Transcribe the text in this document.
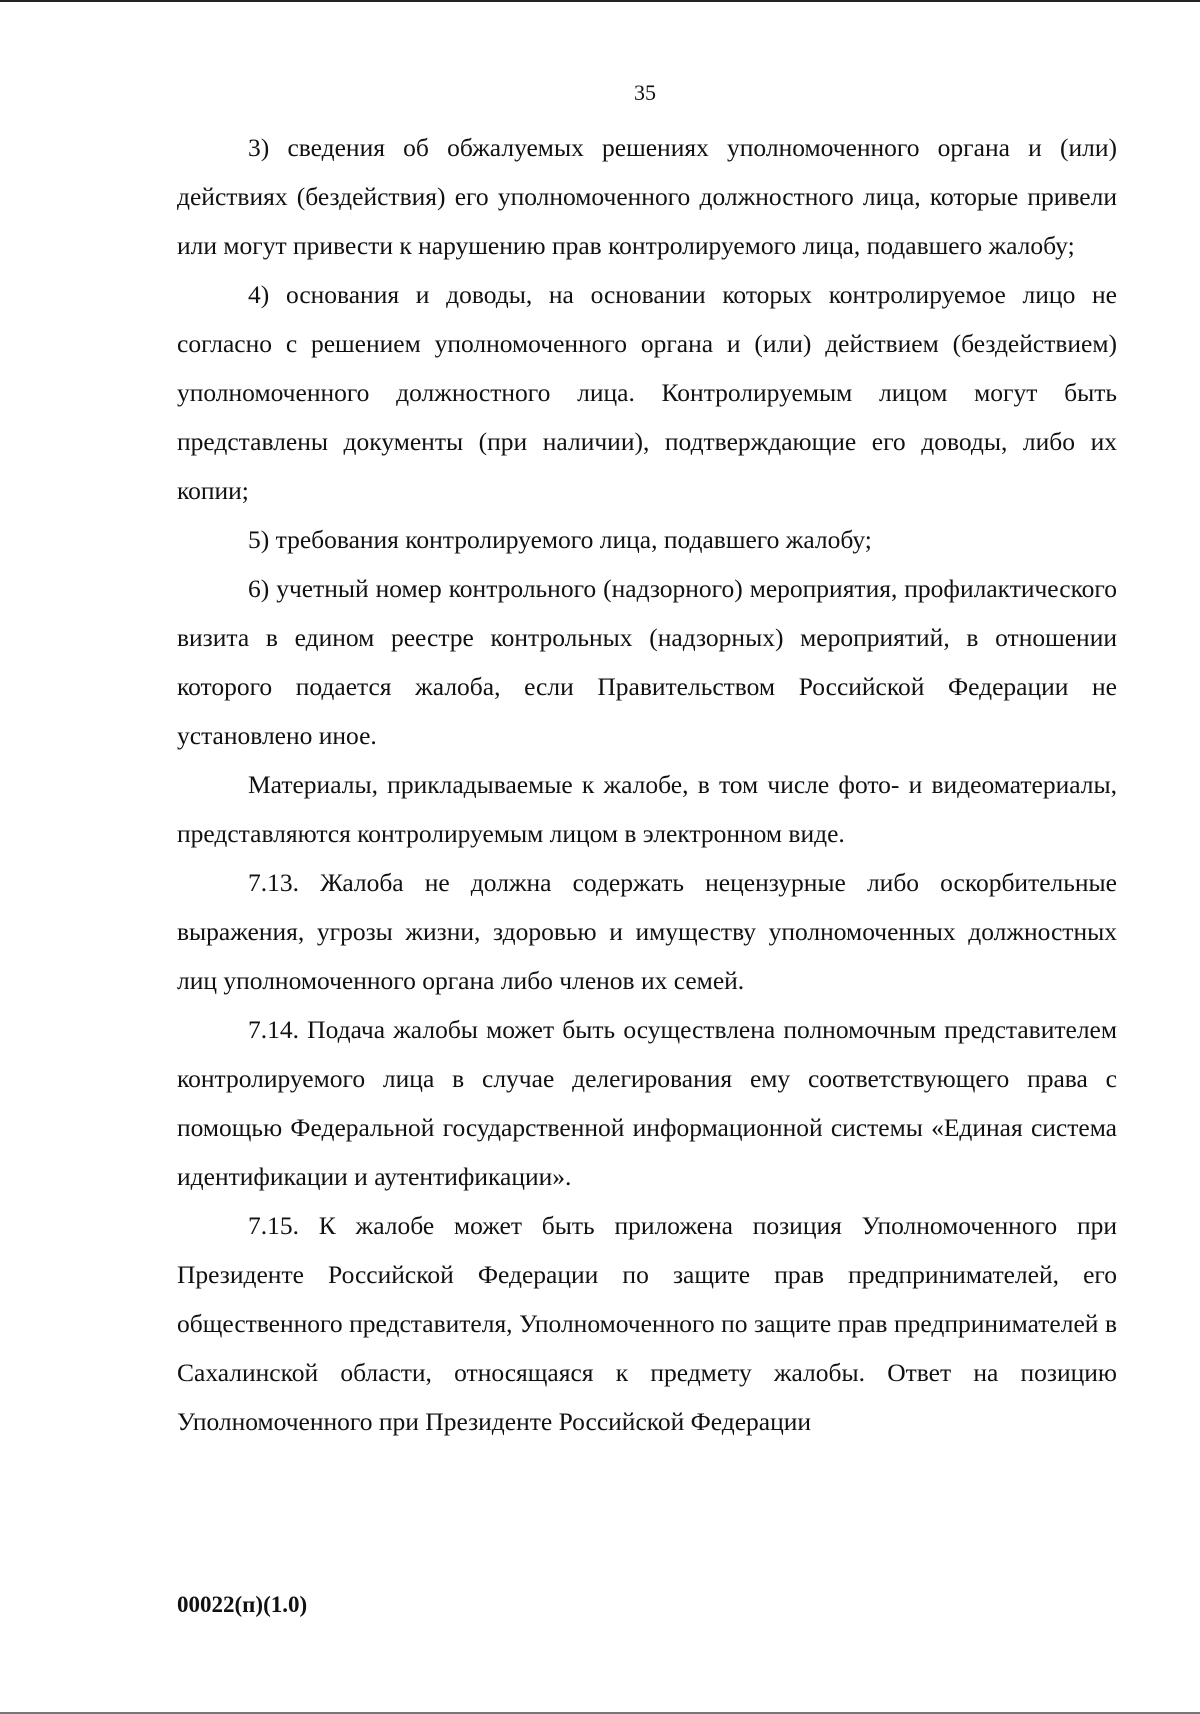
35

3) сведения об обжалуемых решениях уполномоченного органа и (или) действиях (бездействия) его уполномоченного должностного лица, которые привели или могут привести к нарушению прав контролируемого лица, подавшего жалобу;

4) основания и доводы, на основании которых контролируемое лицо не согласно с решением уполномоченного органа и (или) действием (бездействием) уполномоченного должностного лица. Контролируемым лицом могут быть представлены документы (при наличии), подтверждающие его доводы, либо их копии;

5) требования контролируемого лица, подавшего жалобу;

6) учетный номер контрольного (надзорного) мероприятия, профилактического визита в едином реестре контрольных (надзорных) мероприятий, в отношении которого подается жалоба, если Правительством Российской Федерации не установлено иное.

Материалы, прикладываемые к жалобе, в том числе фото- и видеоматериалы, представляются контролируемым лицом в электронном виде.

7.13. Жалоба не должна содержать нецензурные либо оскорбительные выражения, угрозы жизни, здоровью и имуществу уполномоченных должностных лиц уполномоченного органа либо членов их семей.

7.14. Подача жалобы может быть осуществлена полномочным представителем контролируемого лица в случае делегирования ему соответствующего права с помощью Федеральной государственной информационной системы «Единая система идентификации и аутентификации».

7.15. К жалобе может быть приложена позиция Уполномоченного при Президенте Российской Федерации по защите прав предпринимателей, его общественного представителя, Уполномоченного по защите прав предпринимателей в Сахалинской области, относящаяся к предмету жалобы. Ответ на позицию Уполномоченного при Президенте Российской Федерации

00022(п)(1.0)
